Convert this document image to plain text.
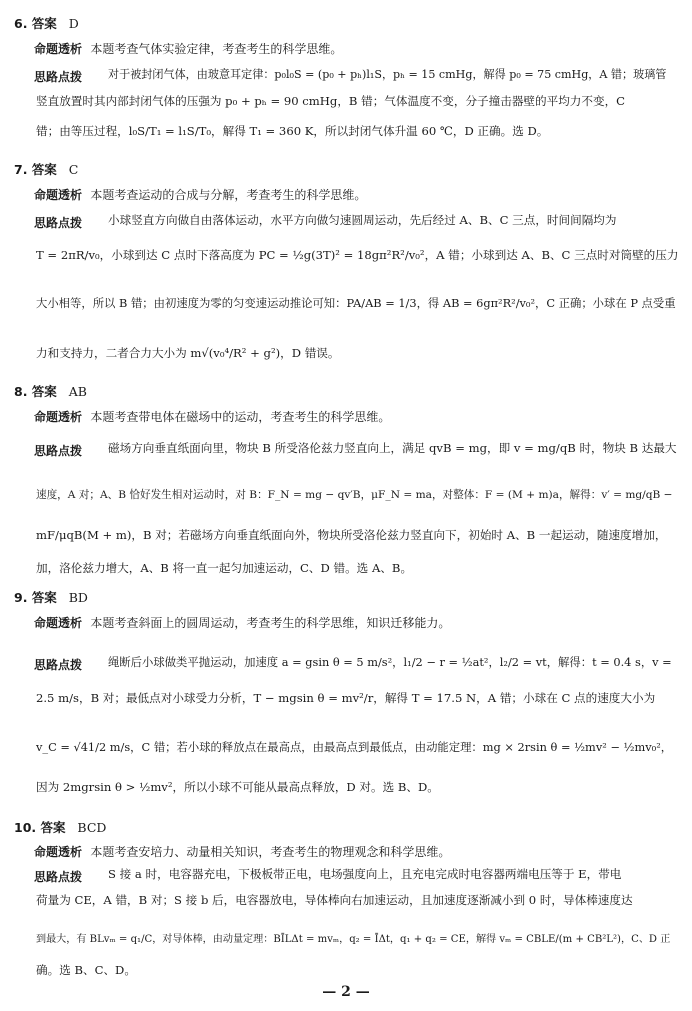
6. 答案 D
命题透析 本题考查气体实验定律，考查考生的科学思维。
思路点拨 对于被封闭气体，由玻意耳定律：p₀l₀S = (p₀ + pₕ)l₁S，pₕ = 15 cmHg，解得 p₀ = 75 cmHg，A 错；玻璃管
竖直放置时其内部封闭气体的压强为 p₀ + pₕ = 90 cmHg，B 错；气体温度不变，分子撞击器壁的平均力不变，C
错；由等压过程，l₀S/T₁ = l₁S/T₀，解得 T₁ = 360 K，所以封闭气体升温 60 ℃，D 正确。选 D。
7. 答案 C
命题透析 本题考查运动的合成与分解，考查考生的科学思维。
思路点拨 小球竖直方向做自由落体运动，水平方向做匀速圆周运动，先后经过 A、B、C 三点，时间间隔均为
T = 2πR/v₀，小球到达 C 点时下落高度为 PC = ½g(3T)² = 18gπ²R²/v₀²，A 错；小球到达 A、B、C 三点时对筒壁的压力
大小相等，所以 B 错；由初速度为零的匀变速运动推论可知：PA/AB = 1/3，得 AB = 6gπ²R²/v₀²，C 正确；小球在 P 点受重
力和支持力，二者合力大小为 m√(v₀⁴/R² + g²)，D 错误。
8. 答案 AB
命题透析 本题考查带电体在磁场中的运动，考查考生的科学思维。
思路点拨 磁场方向垂直纸面向里，物块 B 所受洛伦兹力竖直向上，满足 qvB = mg，即 v = mg/qB 时，物块 B 达最大
速度，A 对；A、B 恰好发生相对运动时，对 B：F_N = mg − qv′B，μF_N = ma，对整体：F = (M + m)a，解得：v′ = mg/qB −
mF/μqB(M + m)，B 对；若磁场方向垂直纸面向外，物块所受洛伦兹力竖直向下，初始时 A、B 一起运动，随速度增加，
加，洛伦兹力增大，A、B 将一直一起匀加速运动，C、D 错。选 A、B。
9. 答案 BD
命题透析 本题考查斜面上的圆周运动，考查考生的科学思维，知识迁移能力。
思路点拨 绳断后小球做类平抛运动，加速度 a = gsin θ = 5 m/s²，l₁/2 − r = ½at²，l₂/2 = vt，解得：t = 0.4 s，v =
2.5 m/s，B 对；最低点对小球受力分析，T − mgsin θ = mv²/r，解得 T = 17.5 N，A 错；小球在 C 点的速度大小为
v_C = √41/2 m/s，C 错；若小球的释放点在最高点，由最高点到最低点，由动能定理：mg × 2rsin θ = ½mv² − ½mv₀²，
因为 2mgrsin θ > ½mv²，所以小球不可能从最高点释放，D 对。选 B、D。
10. 答案 BCD
命题透析 本题考查安培力、动量相关知识，考查考生的物理观念和科学思维。
思路点拨 S 接 a 时，电容器充电，下极板带正电，电场强度向上，且充电完成时电容器两端电压等于 E，带电
荷量为 CE，A 错，B 对；S 接 b 后，电容器放电，导体棒向右加速运动，且加速度逐渐减小到 0 时，导体棒速度达
到最大，有 BLvₘ = q₁/C，对导体棒，由动量定理：BĪLΔt = mvₘ，q₂ = ĪΔt，q₁ + q₂ = CE，解得 vₘ = CBLE/(m + CB²L²)，C、D 正
确。选 B、C、D。
— 2 —
